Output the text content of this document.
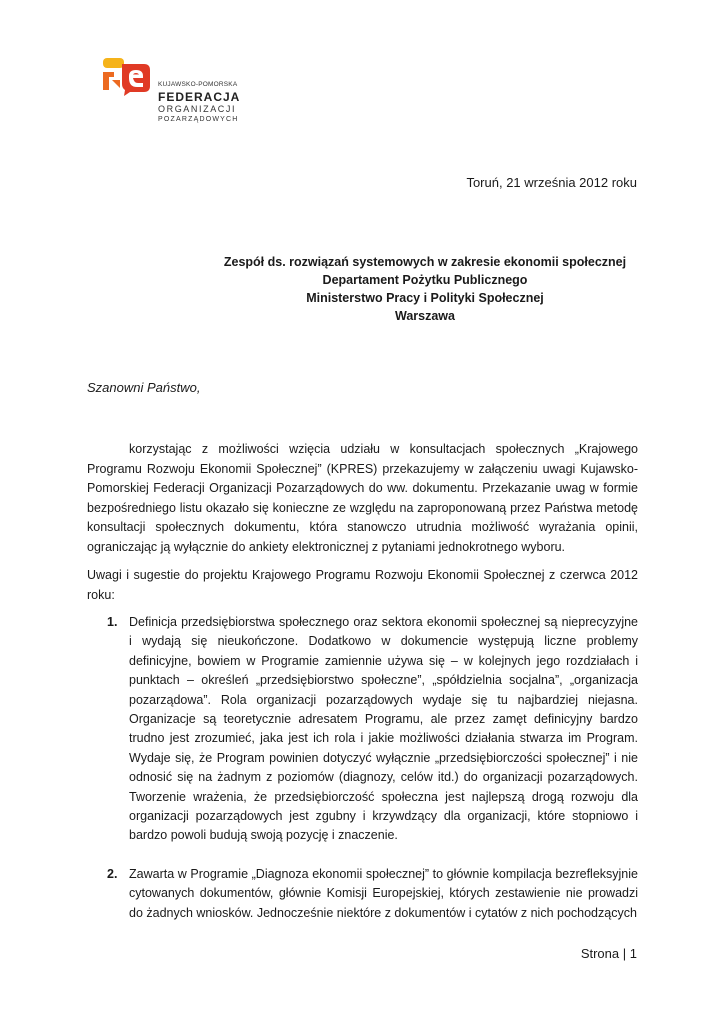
KUJAWSKO-POMORSKA
FEDERACJA
ORGANIZACJI
POZARZĄDOWYCH
Toruń, 21 września 2012 roku
Zespół ds. rozwiązań systemowych w zakresie ekonomii społecznej
Departament Pożytku Publicznego
Ministerstwo Pracy i Polityki Społecznej
Warszawa
Szanowni Państwo,
korzystając z możliwości wzięcia udziału w konsultacjach społecznych „Krajowego Programu Rozwoju Ekonomii Społecznej” (KPRES) przekazujemy w załączeniu uwagi Kujawsko-Pomorskiej Federacji Organizacji Pozarządowych do ww. dokumentu. Przekazanie uwag w formie bezpośredniego listu okazało się konieczne ze względu na zaproponowaną przez Państwa metodę konsultacji społecznych dokumentu, która stanowczo utrudnia możliwość wyrażania opinii, ograniczając ją wyłącznie do ankiety elektronicznej z pytaniami jednokrotnego wyboru.
Uwagi i sugestie do projektu Krajowego Programu Rozwoju Ekonomii Społecznej z czerwca 2012 roku:
1. Definicja przedsiębiorstwa społecznego oraz sektora ekonomii społecznej są nieprecyzyjne i wydają się nieukończone. Dodatkowo w dokumencie występują liczne problemy definicyjne, bowiem w Programie zamiennie używa się – w kolejnych jego rozdziałach i punktach – określeń „przedsiębiorstwo społeczne”, „spółdzielnia socjalna”, „organizacja pozarządowa”. Rola organizacji pozarządowych wydaje się tu najbardziej niejasna. Organizacje są teoretycznie adresatem Programu, ale przez zamęt definicyjny bardzo trudno jest zrozumieć, jaka jest ich rola i jakie możliwości działania stwarza im Program. Wydaje się, że Program powinien dotyczyć wyłącznie „przedsiębiorczości społecznej” i nie odnosić się na żadnym z poziomów (diagnozy, celów itd.) do organizacji pozarządowych. Tworzenie wrażenia, że przedsiębiorczość społeczna jest najlepszą drogą rozwoju dla organizacji pozarządowych jest zgubny i krzywdzący dla organizacji, które stopniowo i bardzo powoli budują swoją pozycję i znaczenie.
2. Zawarta w Programie „Diagnoza ekonomii społecznej” to głównie kompilacja bezrefleksyjnie cytowanych dokumentów, głównie Komisji Europejskiej, których zestawienie nie prowadzi do żadnych wniosków. Jednocześnie niektóre z dokumentów i cytatów z nich pochodzących
Strona | 1
